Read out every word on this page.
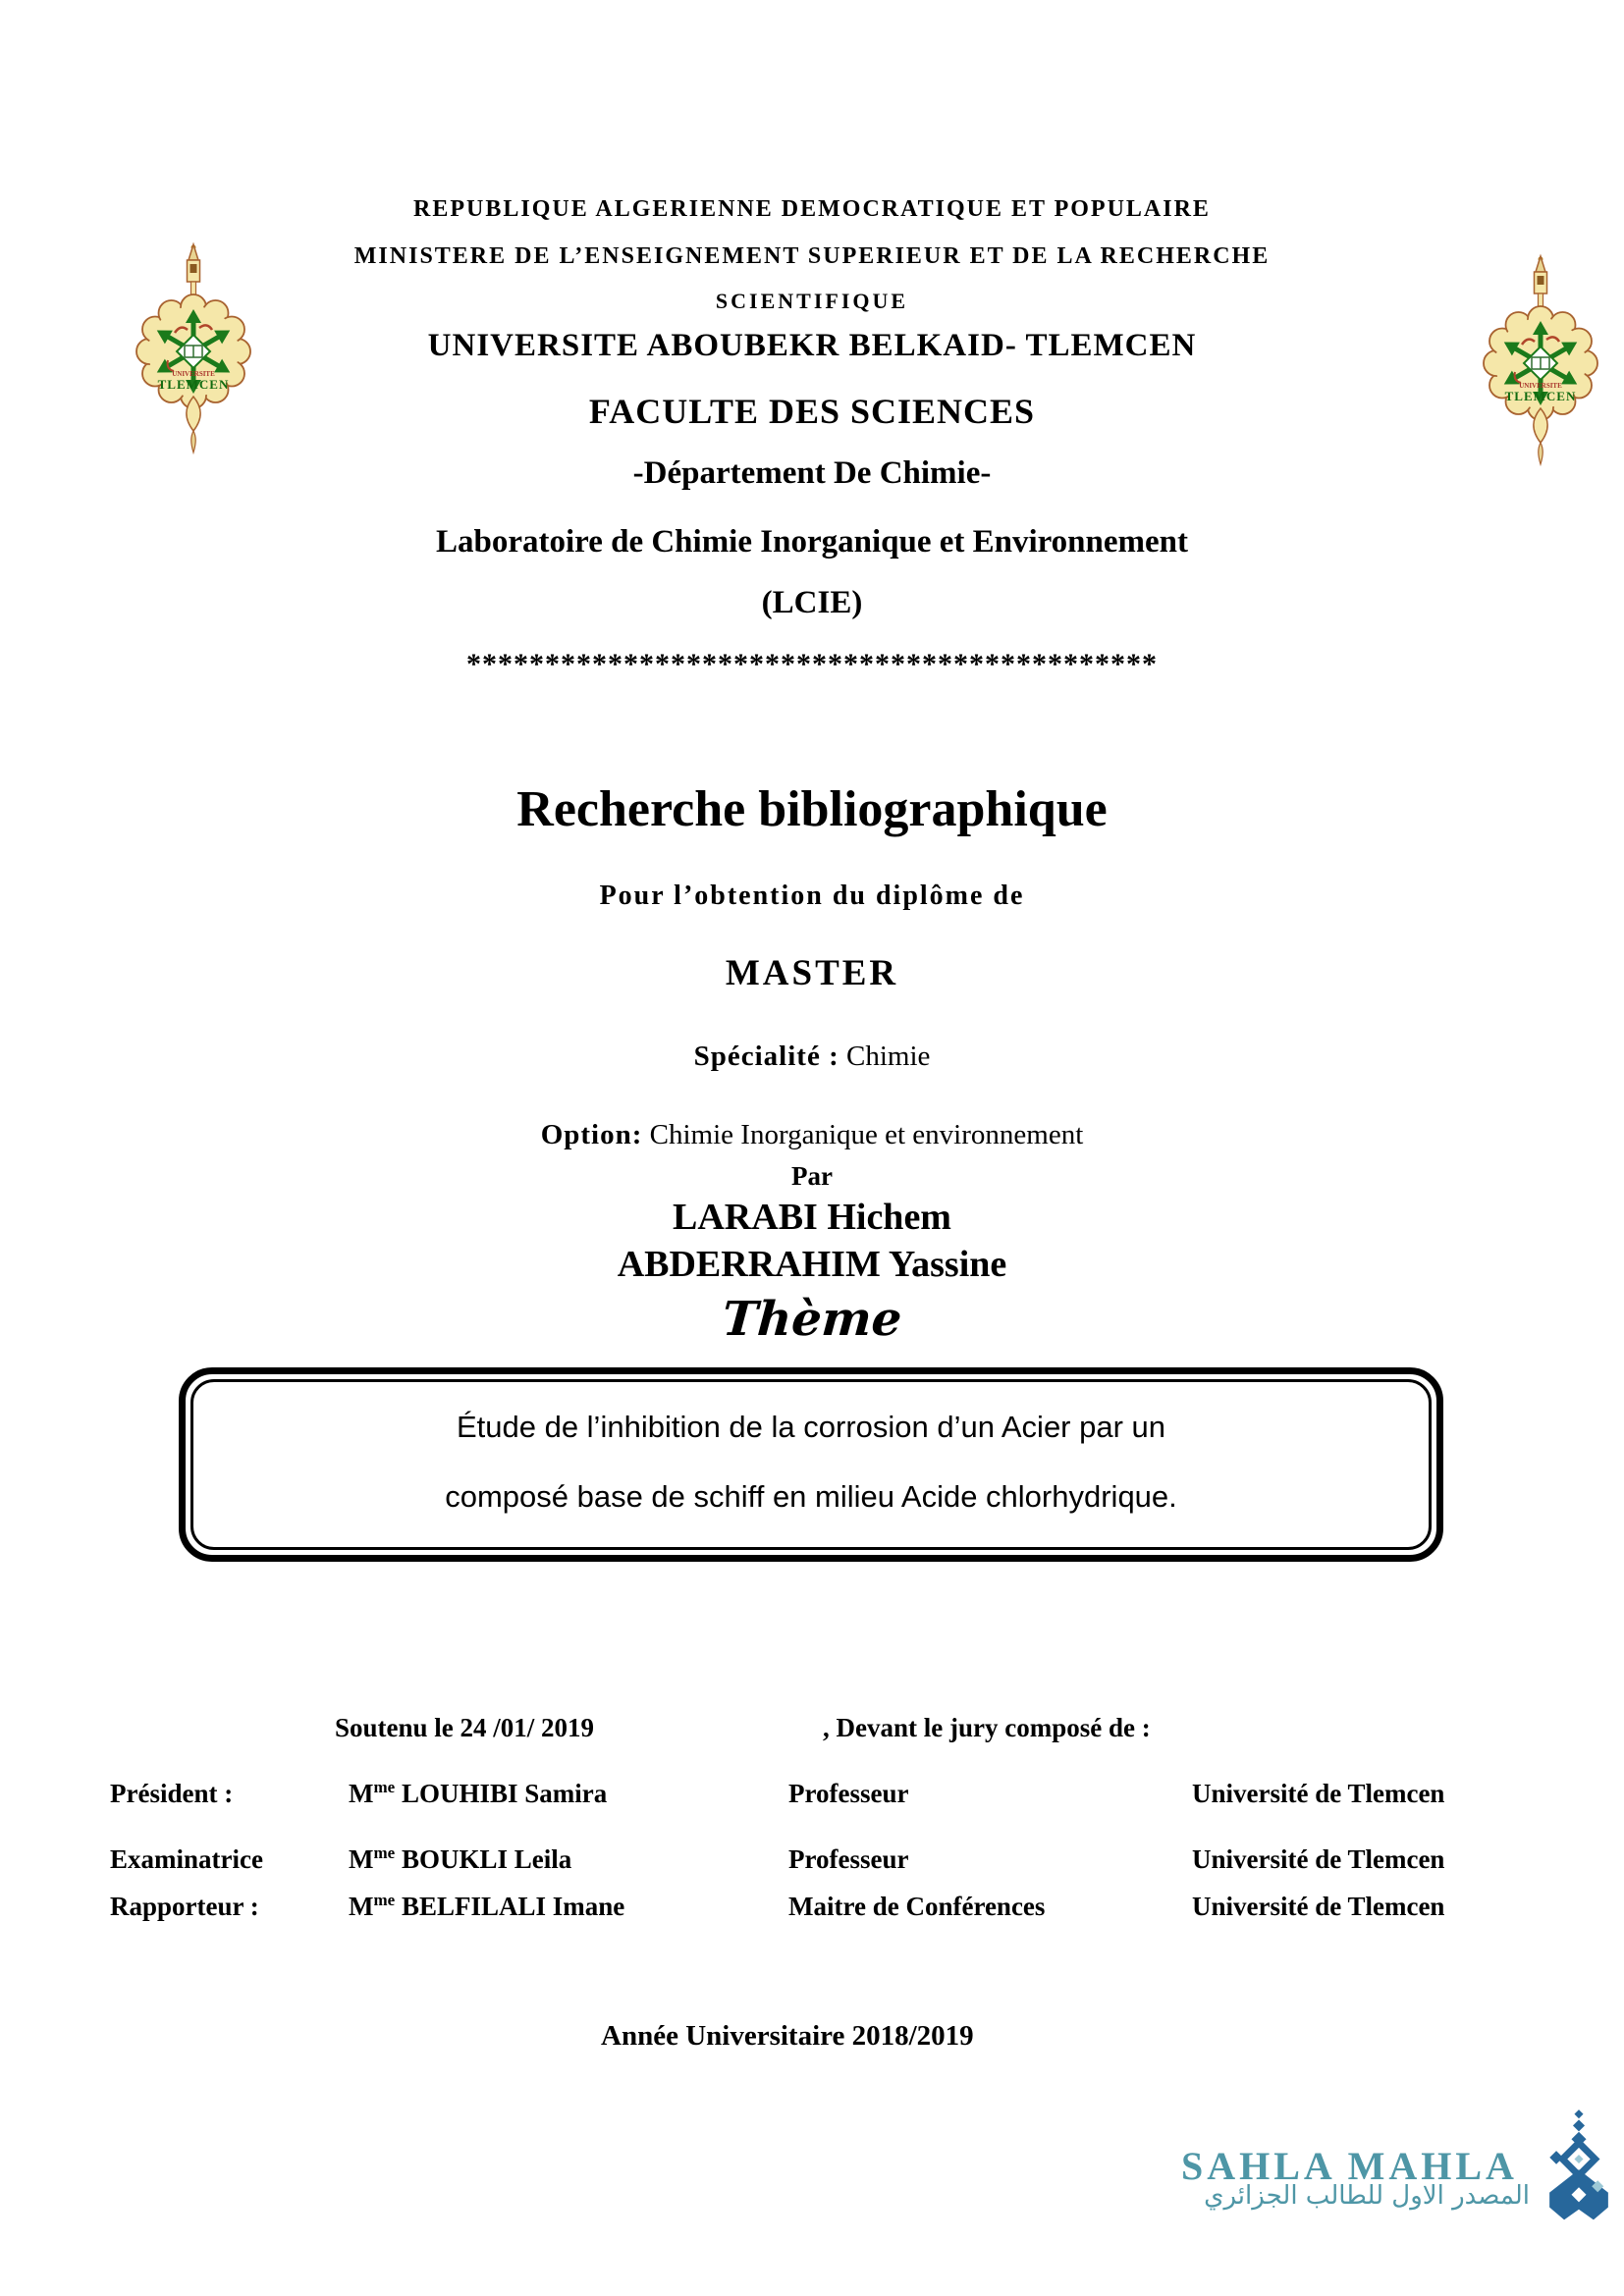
REPUBLIQUE ALGERIENNE DEMOCRATIQUE ET POPULAIRE
MINISTERE DE L’ENSEIGNEMENT SUPERIEUR ET DE LA RECHERCHE
SCIENTIFIQUE
UNIVERSITE ABOUBEKR BELKAID- TLEMCEN
FACULTE DES SCIENCES
-Département De Chimie-
Laboratoire de Chimie Inorganique et Environnement
(LCIE)
********************************************
Recherche bibliographique
Pour l’obtention du diplôme de
MASTER
Spécialité : Chimie
Option: Chimie Inorganique et environnement
Par
LARABI Hichem
ABDERRAHIM Yassine
Thème
Étude de l’inhibition de la corrosion d’un Acier par un
composé base de schiff en milieu Acide chlorhydrique.
Soutenu le 24 /01/ 2019	, Devant le jury composé de :
Président :	$M^{me}$ LOUHIBI Samira	Professeur	Université de Tlemcen
Examinatrice	$M^{me}$ BOUKLI Leila	Professeur	Université de Tlemcen
Rapporteur :	$M^{me}$ BELFILALI Imane	Maitre de Conférences	Université de Tlemcen
Année Universitaire 2018/2019
SAHLA MAHLA
المصدر الاول للطالب الجزائري
